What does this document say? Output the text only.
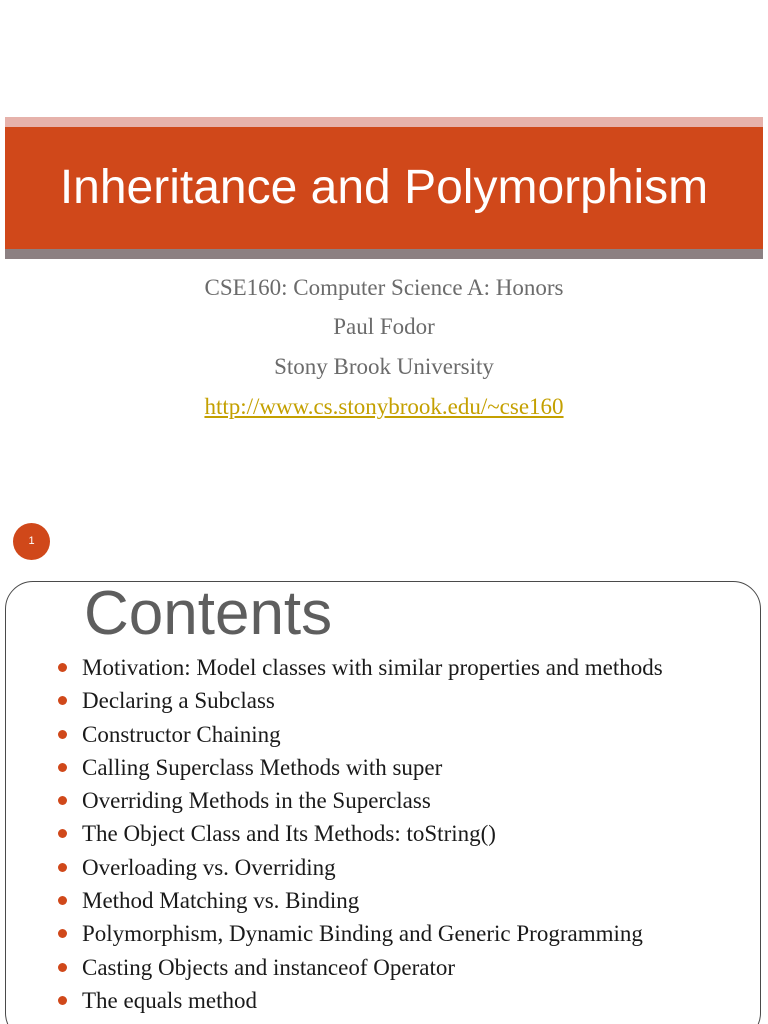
Inheritance and Polymorphism
CSE160: Computer Science A: Honors
Paul Fodor
Stony Brook University
http://www.cs.stonybrook.edu/~cse160
1
Contents
Motivation: Model classes with similar properties and methods
Declaring a Subclass
Constructor Chaining
Calling Superclass Methods with super
Overriding Methods in the Superclass
The Object Class and Its Methods: toString()
Overloading vs. Overriding
Method Matching vs. Binding
Polymorphism, Dynamic Binding and Generic Programming
Casting Objects and instanceof Operator
The equals method
